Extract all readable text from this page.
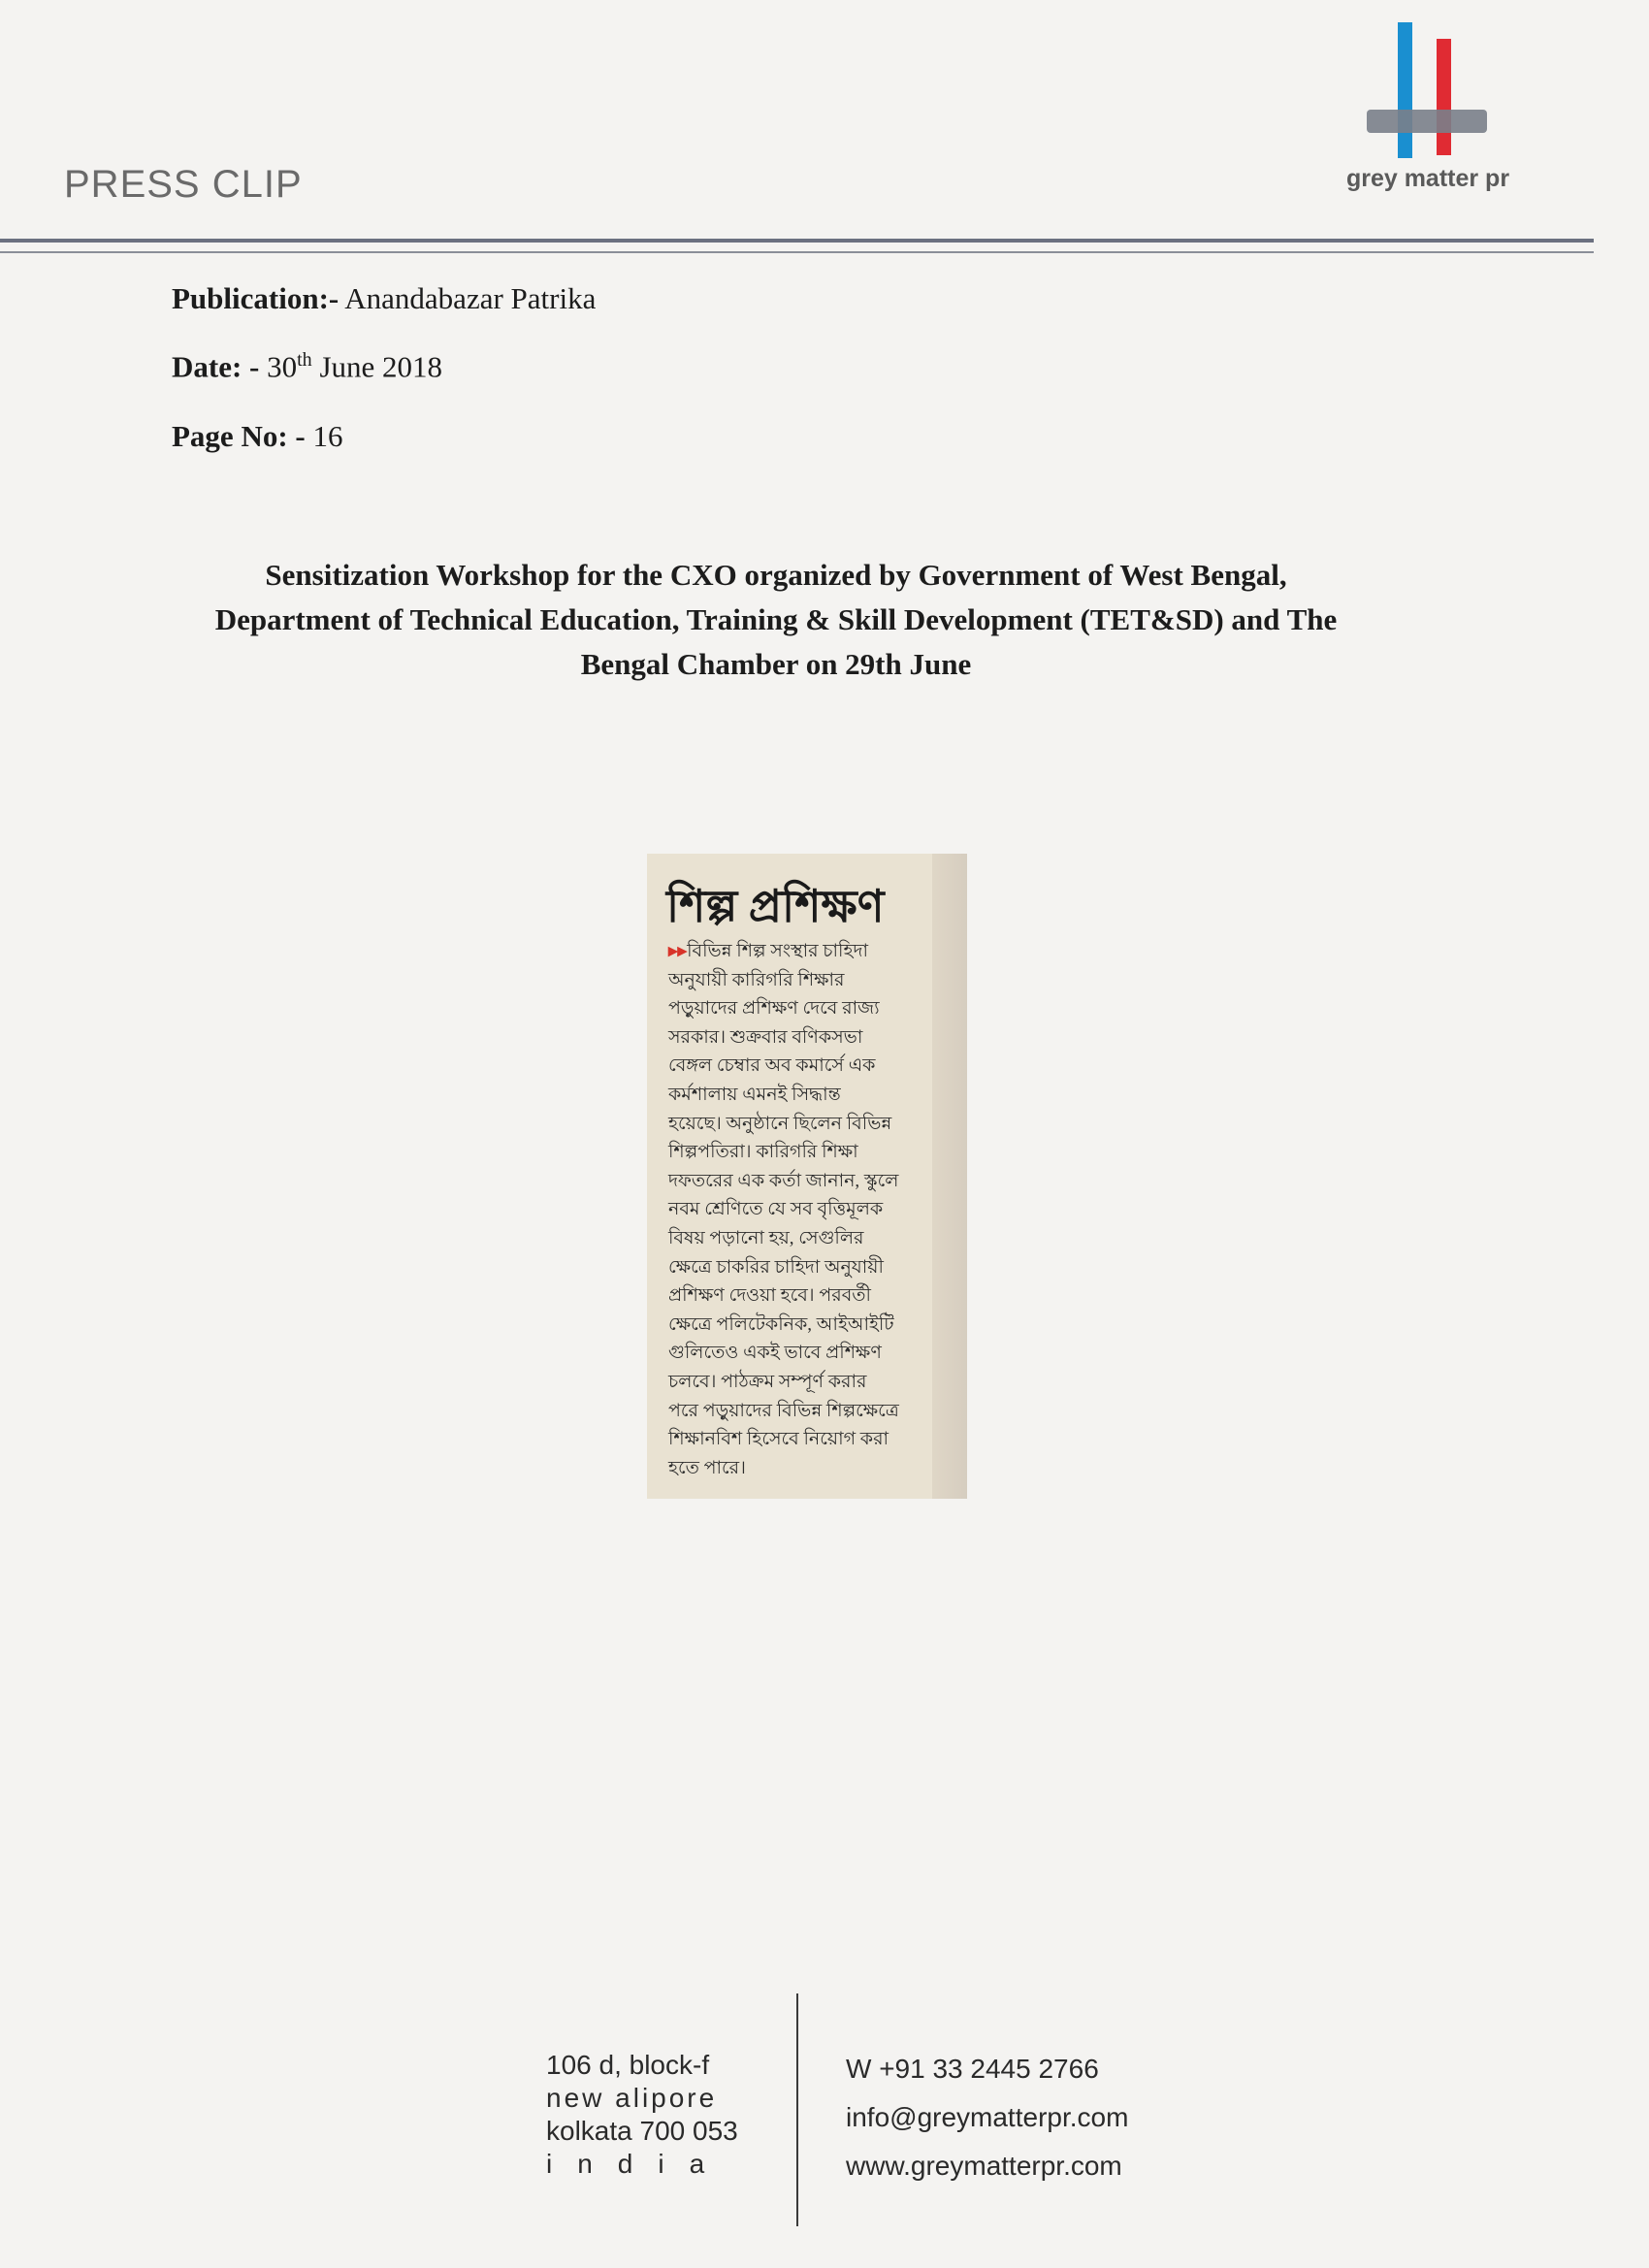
PRESS CLIP	grey matter pr
Publication:- Anandabazar Patrika
Date: - 30th June 2018
Page No: - 16
Sensitization Workshop for the CXO organized by Government of West Bengal,
Department of Technical Education, Training & Skill Development (TET&SD) and The
Bengal Chamber on 29th June
শিল্প প্রশিক্ষণ
▸▸বিভিন্ন শিল্প সংস্থার চাহিদা
অনুযায়ী কারিগরি শিক্ষার
পড়ুয়াদের প্রশিক্ষণ দেবে রাজ্য
সরকার। শুক্রবার বণিকসভা
বেঙ্গল চেম্বার অব কমার্সে এক
কর্মশালায় এমনই সিদ্ধান্ত
হয়েছে। অনুষ্ঠানে ছিলেন বিভিন্ন
শিল্পপতিরা। কারিগরি শিক্ষা
দফতরের এক কর্তা জানান, স্কুলে
নবম শ্রেণিতে যে সব বৃত্তিমূলক
বিষয় পড়ানো হয়, সেগুলির
ক্ষেত্রে চাকরির চাহিদা অনুযায়ী
প্রশিক্ষণ দেওয়া হবে। পরবর্তী
ক্ষেত্রে পলিটেকনিক, আইআইটি
গুলিতেও একই ভাবে প্রশিক্ষণ
চলবে। পাঠক্রম সম্পূর্ণ করার
পরে পড়ুয়াদের বিভিন্ন শিল্পক্ষেত্রে
শিক্ষানবিশ হিসেবে নিয়োগ করা
হতে পারে।
106 d, block-f
new alipore
kolkata 700 053
india
W +91 33 2445 2766
info@greymatterpr.com
www.greymatterpr.com
